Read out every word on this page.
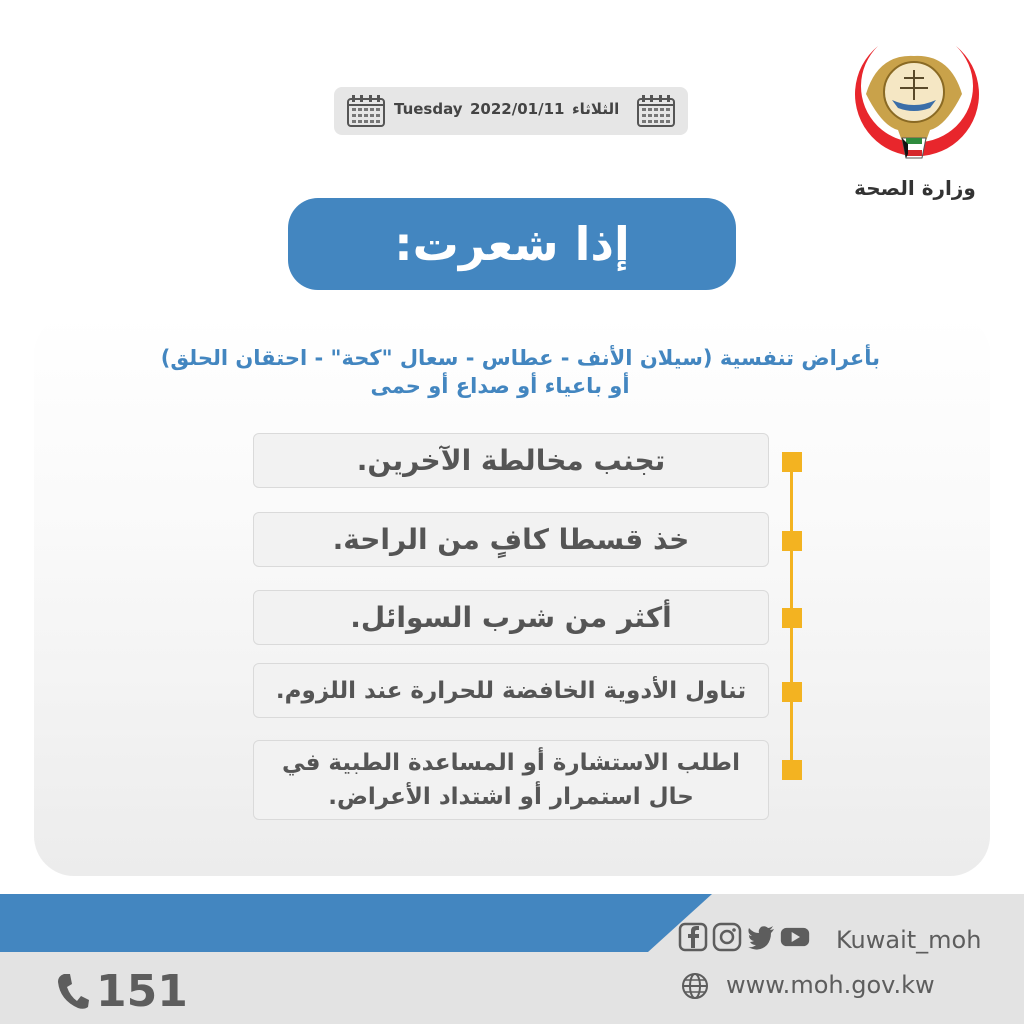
وزارة الصحة
Tuesday 2022/01/11 الثلاثاء
إذا شعرت:
بأعراض تنفسية (سيلان الأنف - عطاس - سعال "كحة" - احتقان الحلق)
أو باعياء أو صداع أو حمى
تجنب مخالطة الآخرين.
خذ قسطا كافٍ من الراحة.
أكثر من شرب السوائل.
تناول الأدوية الخافضة للحرارة عند اللزوم.
اطلب الاستشارة أو المساعدة الطبية في
حال استمرار أو اشتداد الأعراض.
151
Kuwait_moh
www.moh.gov.kw
